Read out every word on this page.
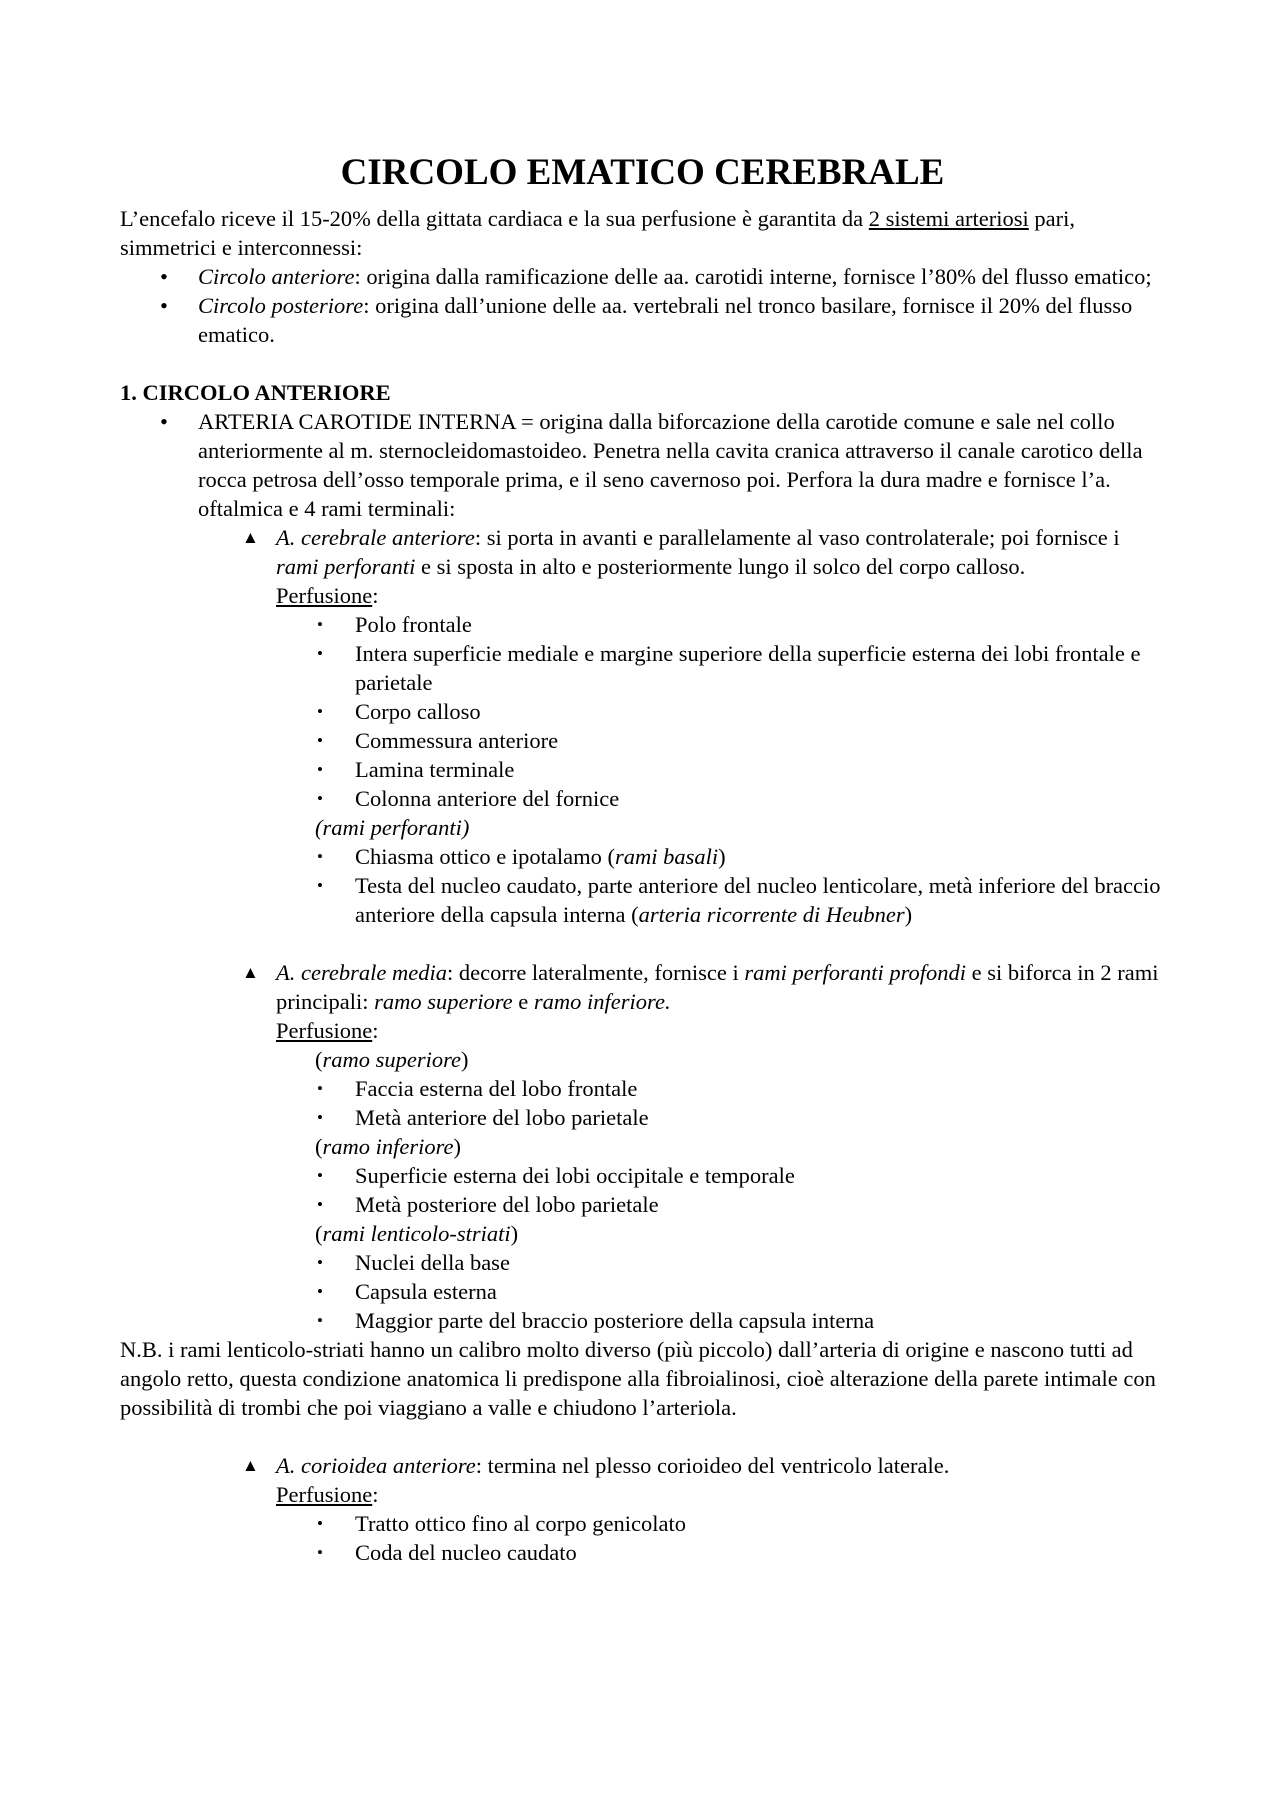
CIRCOLO EMATICO CEREBRALE

L’encefalo riceve il 15-20% della gittata cardiaca e la sua perfusione è garantita da 2 sistemi arteriosi pari, simmetrici e interconnessi:

• Circolo anteriore: origina dalla ramificazione delle aa. carotidi interne, fornisce l’80% del flusso ematico;
• Circolo posteriore: origina dall’unione delle aa. vertebrali nel tronco basilare, fornisce il 20% del flusso ematico.

1. CIRCOLO ANTERIORE

• ARTERIA CAROTIDE INTERNA = origina dalla biforcazione della carotide comune e sale nel collo anteriormente al m. sternocleidomastoideo. Penetra nella cavita cranica attraverso il canale carotico della rocca petrosa dell’osso temporale prima, e il seno cavernoso poi. Perfora la dura madre e fornisce l’a. oftalmica e 4 rami terminali:
▲ A. cerebrale anteriore: si porta in avanti e parallelamente al vaso controlaterale; poi fornisce i rami perforanti e si sposta in alto e posteriormente lungo il solco del corpo calloso.

Perfusione:

• Polo frontale
• Intera superficie mediale e margine superiore della superficie esterna dei lobi frontale e parietale
• Corpo calloso
• Commessura anteriore
• Lamina terminale
• Colonna anteriore del fornice

(rami perforanti)

• Chiasma ottico e ipotalamo (rami basali)
• Testa del nucleo caudato, parte anteriore del nucleo lenticolare, metà inferiore del braccio anteriore della capsula interna (arteria ricorrente di Heubner)
▲ A. cerebrale media: decorre lateralmente, fornisce i rami perforanti profondi e si biforca in 2 rami principali: ramo superiore e ramo inferiore.

Perfusione:

(ramo superiore)

• Faccia esterna del lobo frontale
• Metà anteriore del lobo parietale

(ramo inferiore)

• Superficie esterna dei lobi occipitale e temporale
• Metà posteriore del lobo parietale

(rami lenticolo-striati)

• Nuclei della base
• Capsula esterna
• Maggior parte del braccio posteriore della capsula interna

N.B. i rami lenticolo-striati hanno un calibro molto diverso (più piccolo) dall’arteria di origine e nascono tutti ad angolo retto, questa condizione anatomica li predispone alla fibroialinosi, cioè alterazione della parete intimale con possibilità di trombi che poi viaggiano a valle e chiudono l’arteriola.

▲ A. corioidea anteriore: termina nel plesso corioideo del ventricolo laterale.

Perfusione:

• Tratto ottico fino al corpo genicolato
• Coda del nucleo caudato
